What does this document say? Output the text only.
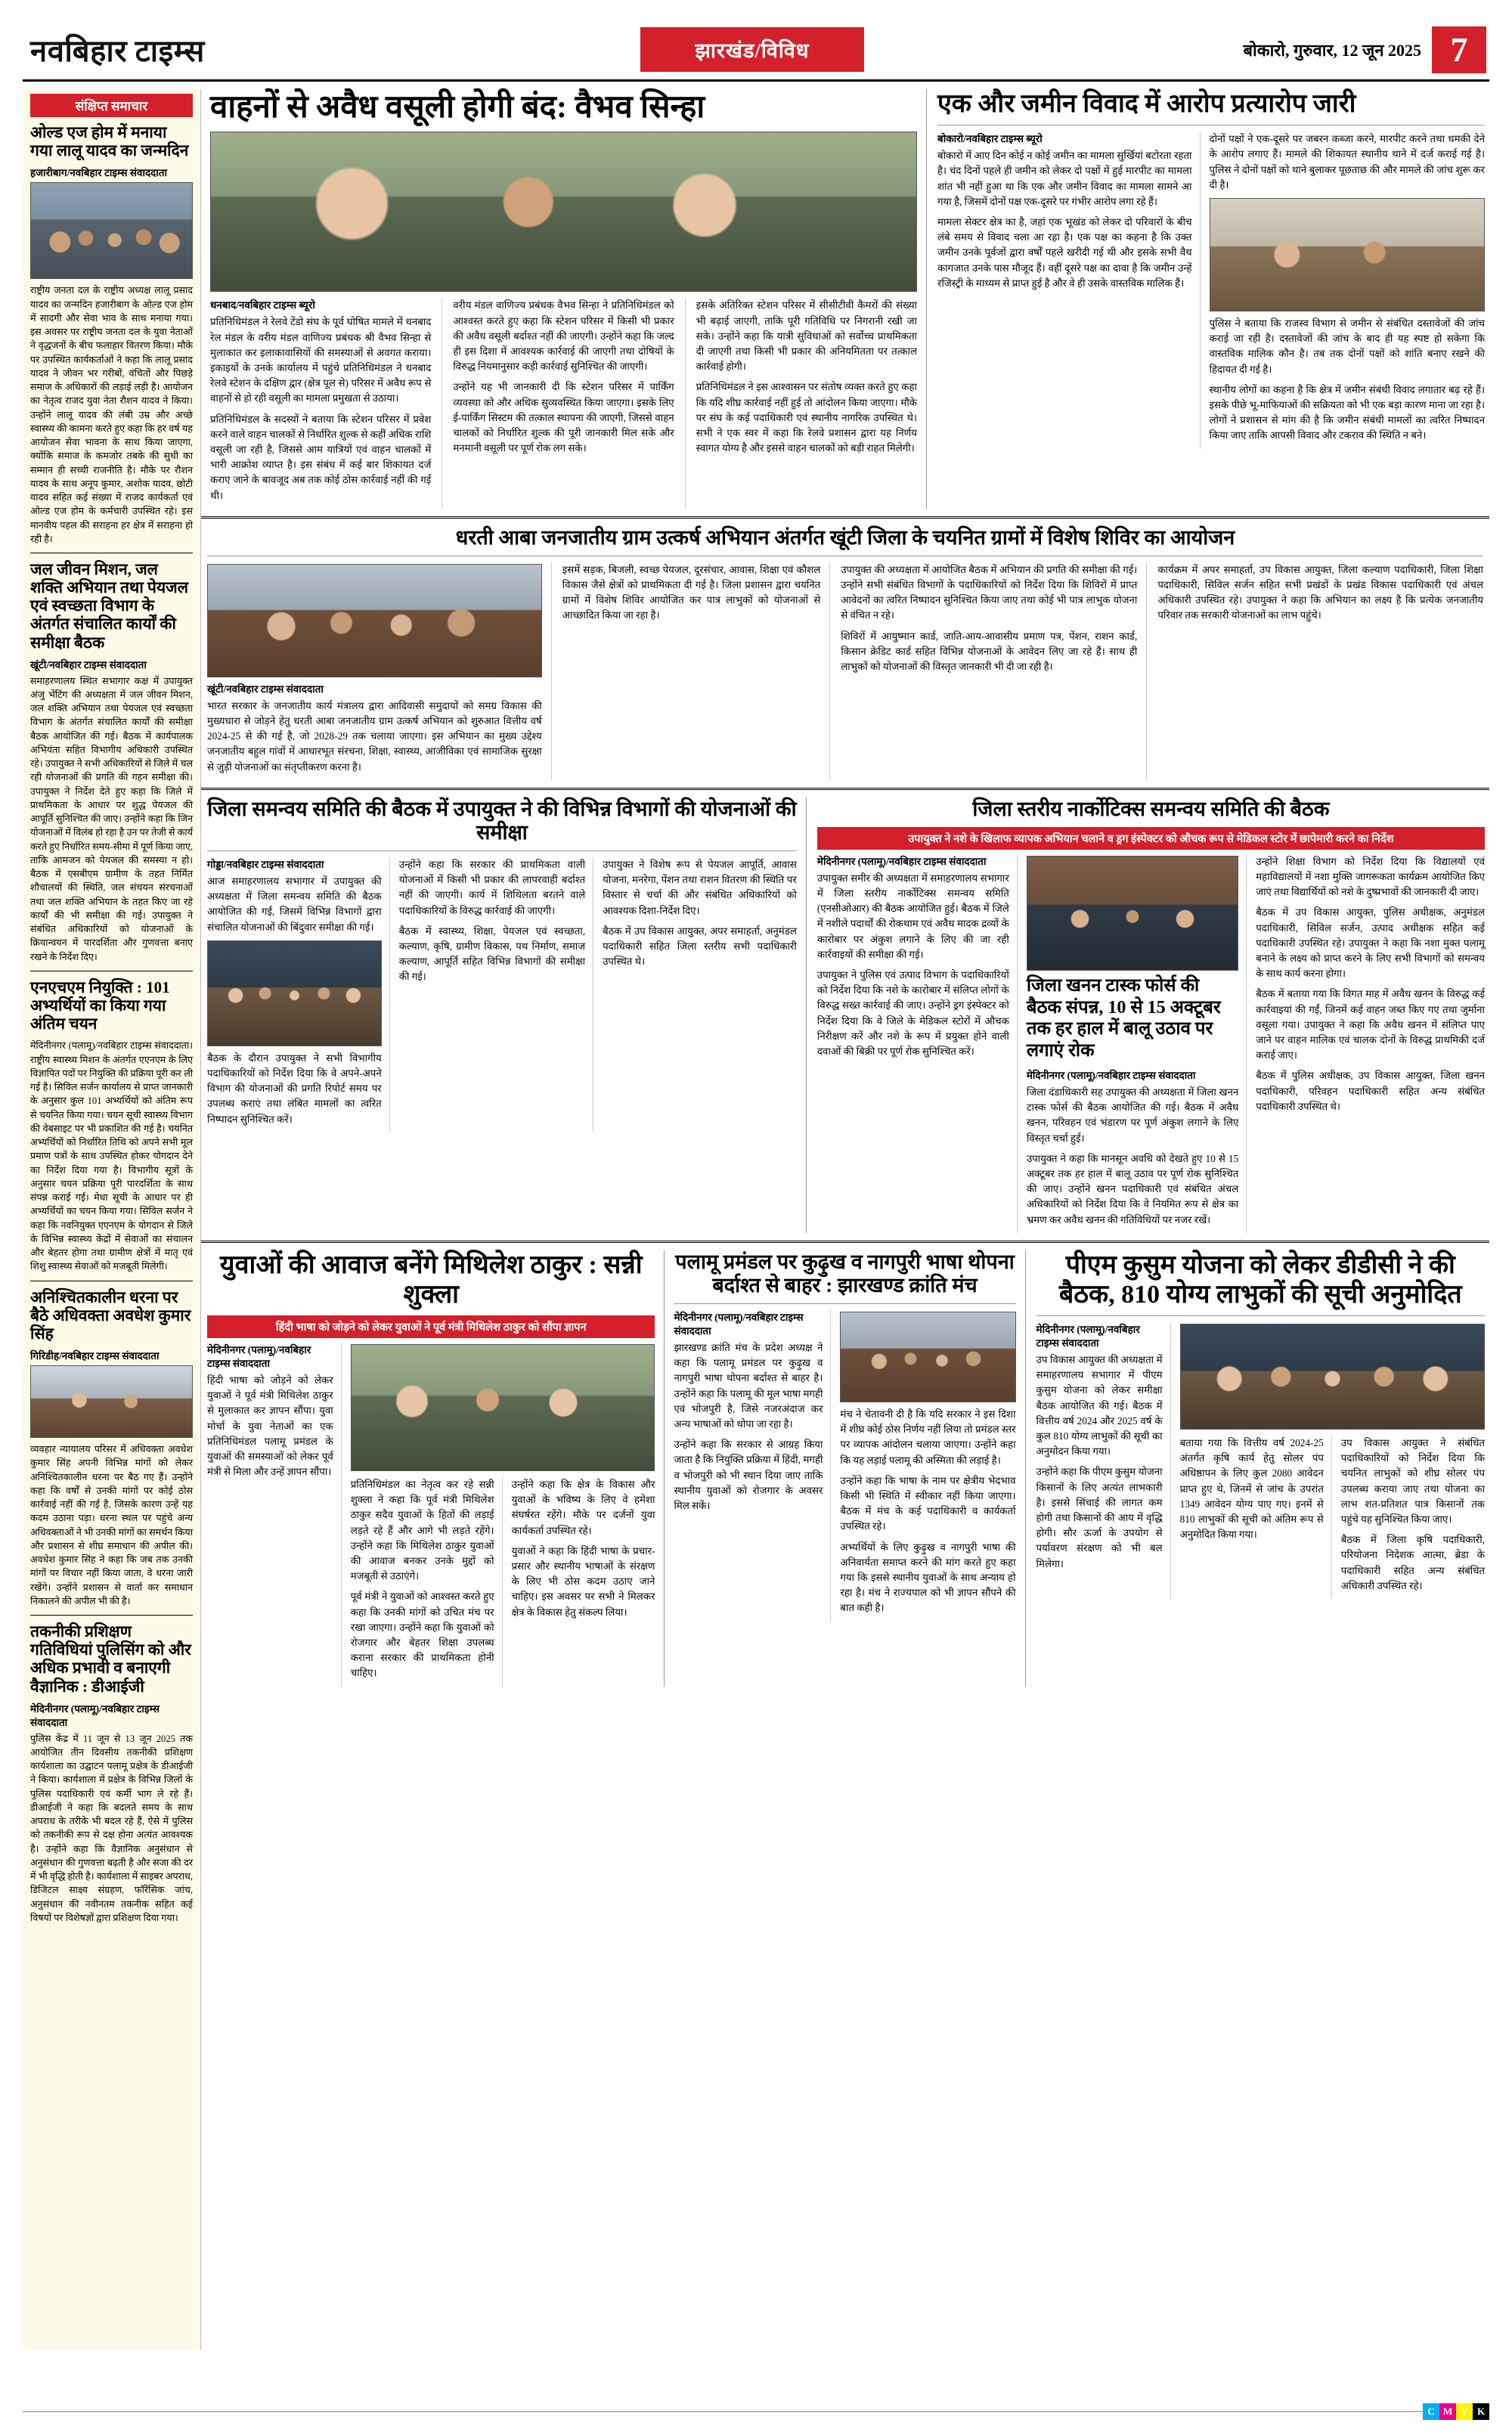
नवबिहार टाइम्स	झारखंड/विविध	बोकारो, गुरुवार, 12 जून 2025 7
संक्षिप्त समाचार
ओल्ड एज होम में मनाया गया लालू यादव का जन्मदिन
हजारीबाग/नवबिहार टाइम्स संवाददाता

राष्ट्रीय जनता दल के राष्ट्रीय अध्यक्ष लालू प्रसाद यादव का जन्मदिन हजारीबाग के ओल्ड एज होम में सादगी और सेवा भाव के साथ मनाया गया। इस अवसर पर राष्ट्रीय जनता दल के युवा नेताओं ने वृद्धजनों के बीच फलाहार वितरण किया। मौके पर उपस्थित कार्यकर्ताओं ने कहा कि लालू प्रसाद यादव ने जीवन भर गरीबों, वंचितों और पिछड़े समाज के अधिकारों की लड़ाई लड़ी है। आयोजन का नेतृत्व राजद युवा नेता रौशन यादव ने किया। उन्होंने लालू यादव की लंबी उम्र और अच्छे स्वास्थ्य की कामना करते हुए कहा कि हर वर्ष यह आयोजन सेवा भावना के साथ किया जाएगा, क्योंकि समाज के कमजोर तबके की सुधी का सम्मान ही सच्ची राजनीति है। मौके पर रौशन यादव के साथ अनूप कुमार, अशोक यादव, छोटी यादव सहित कई संख्या में राजद कार्यकर्ता एवं ओल्ड एज होम के कर्मचारी उपस्थित रहे। इस मानवीय पहल की सराहना हर क्षेत्र में सराहना हो रही है।

जल जीवन मिशन, जल शक्ति अभियान तथा पेयजल एवं स्वच्छता विभाग के अंतर्गत संचालित कार्यों की समीक्षा बैठक
खूंटी/नवबिहार टाइम्स संवाददाता

समाहरणालय स्थित सभागार कक्ष में उपायुक्त अंजु भेंटिंग की अध्यक्षता में जल जीवन मिशन, जल शक्ति अभियान तथा पेयजल एवं स्वच्छता विभाग के अंतर्गत संचालित कार्यों की समीक्षा बैठक आयोजित की गई। बैठक में कार्यपालक अभियंता सहित विभागीय अधिकारी उपस्थित रहे। उपायुक्त ने सभी अधिकारियों से जिले में चल रही योजनाओं की प्रगति की गहन समीक्षा की। उपायुक्त ने निर्देश देते हुए कहा कि जिले में प्राथमिकता के आधार पर शुद्ध पेयजल की आपूर्ति सुनिश्चित की जाए। उन्होंने कहा कि जिन योजनाओं में विलंब हो रहा है उन पर तेजी से कार्य करते हुए निर्धारित समय-सीमा में पूर्ण किया जाए, ताकि आमजन को पेयजल की समस्या न हो। बैठक में एसबीएम ग्रामीण के तहत निर्मित शौचालयों की स्थिति, जल संचयन संरचनाओं तथा जल शक्ति अभियान के तहत किए जा रहे कार्यों की भी समीक्षा की गई। उपायुक्त ने संबंधित अधिकारियों को योजनाओं के क्रियान्वयन में पारदर्शिता और गुणवत्ता बनाए रखने के निर्देश दिए।

एनएचएम नियुक्ति : 101 अभ्यर्थियों का किया गया अंतिम चयन

मेदिनीनगर (पलामू)/नवबिहार टाइम्स संवाददाता। राष्ट्रीय स्वास्थ्य मिशन के अंतर्गत एएनएम के लिए विज्ञापित पदों पर नियुक्ति की प्रक्रिया पूरी कर ली गई है। सिविल सर्जन कार्यालय से प्राप्त जानकारी के अनुसार कुल 101 अभ्यर्थियों को अंतिम रूप से चयनित किया गया। चयन सूची स्वास्थ्य विभाग की वेबसाइट पर भी प्रकाशित की गई है। चयनित अभ्यर्थियों को निर्धारित तिथि को अपने सभी मूल प्रमाण पत्रों के साथ उपस्थित होकर योगदान देने का निर्देश दिया गया है। विभागीय सूत्रों के अनुसार चयन प्रक्रिया पूरी पारदर्शिता के साथ संपन्न कराई गई। मेधा सूची के आधार पर ही अभ्यर्थियों का चयन किया गया। सिविल सर्जन ने कहा कि नवनियुक्त एएनएम के योगदान से जिले के विभिन्न स्वास्थ्य केंद्रों में सेवाओं का संचालन और बेहतर होगा तथा ग्रामीण क्षेत्रों में मातृ एवं शिशु स्वास्थ्य सेवाओं को मजबूती मिलेगी।

अनिश्चितकालीन धरना पर बैठे अधिवक्ता अवधेश कुमार सिंह
गिरिडीह/नवबिहार टाइम्स संवाददाता

व्यवहार न्यायालय परिसर में अधिवक्ता अवधेश कुमार सिंह अपनी विभिन्न मांगों को लेकर अनिश्चितकालीन धरना पर बैठ गए हैं। उन्होंने कहा कि वर्षों से उनकी मांगों पर कोई ठोस कार्रवाई नहीं की गई है, जिसके कारण उन्हें यह कदम उठाना पड़ा। धरना स्थल पर पहुंचे अन्य अधिवक्ताओं ने भी उनकी मांगों का समर्थन किया और प्रशासन से शीघ्र समाधान की अपील की। अवधेश कुमार सिंह ने कहा कि जब तक उनकी मांगों पर विचार नहीं किया जाता, वे धरना जारी रखेंगे। उन्होंने प्रशासन से वार्ता कर समाधान निकालने की अपील भी की है।

तकनीकी प्रशिक्षण गतिविधियां पुलिसिंग को और अधिक प्रभावी व बनाएगी वैज्ञानिक : डीआईजी
मेदिनीनगर (पलामू)/नवबिहार टाइम्स संवाददाता

पुलिस केंद्र में 11 जून से 13 जून 2025 तक आयोजित तीन दिवसीय तकनीकी प्रशिक्षण कार्यशाला का उद्घाटन पलामू प्रक्षेत्र के डीआईजी ने किया। कार्यशाला में प्रक्षेत्र के विभिन्न जिलों के पुलिस पदाधिकारी एवं कर्मी भाग ले रहे हैं। डीआईजी ने कहा कि बदलते समय के साथ अपराध के तरीके भी बदल रहे हैं, ऐसे में पुलिस को तकनीकी रूप से दक्ष होना अत्यंत आवश्यक है। उन्होंने कहा कि वैज्ञानिक अनुसंधान से अनुसंधान की गुणवत्ता बढ़ती है और सजा की दर में भी वृद्धि होती है। कार्यशाला में साइबर अपराध, डिजिटल साक्ष्य संग्रहण, फॉरेंसिक जांच, अनुसंधान की नवीनतम तकनीक सहित कई विषयों पर विशेषज्ञों द्वारा प्रशिक्षण दिया गया।

वाहनों से अवैध वसूली होगी बंद: वैभव सिन्हा
धनबाद/नवबिहार टाइम्स ब्यूरो

प्रतिनिधिमंडल ने रेलवे टेंडो संघ के पूर्व घोषित मामले में धनबाद रेल मंडल के वरीय मंडल वाणिज्य प्रबंधक श्री वैभव सिन्हा से मुलाकात कर इलाकावासियों की समस्याओं से अवगत कराया। इकाइयों के उनके कार्यालय में पहुंचे प्रतिनिधिमंडल ने धनबाद रेलवे स्टेशन के दक्षिण द्वार (क्षेत्र पूल से) परिसर में अवैध रूप से वाहनों से हो रही वसूली का मामला प्रमुखता से उठाया।

प्रतिनिधिमंडल के सदस्यों ने बताया कि स्टेशन परिसर में प्रवेश करने वाले वाहन चालकों से निर्धारित शुल्क से कहीं अधिक राशि वसूली जा रही है, जिससे आम यात्रियों एवं वाहन चालकों में भारी आक्रोश व्याप्त है। इस संबंध में कई बार शिकायत दर्ज कराए जाने के बावजूद अब तक कोई ठोस कार्रवाई नहीं की गई थी।

वरीय मंडल वाणिज्य प्रबंधक वैभव सिन्हा ने प्रतिनिधिमंडल को आश्वस्त करते हुए कहा कि स्टेशन परिसर में किसी भी प्रकार की अवैध वसूली बर्दाश्त नहीं की जाएगी। उन्होंने कहा कि जल्द ही इस दिशा में आवश्यक कार्रवाई की जाएगी तथा दोषियों के विरुद्ध नियमानुसार कड़ी कार्रवाई सुनिश्चित की जाएगी।

उन्होंने यह भी जानकारी दी कि स्टेशन परिसर में पार्किंग व्यवस्था को और अधिक सुव्यवस्थित किया जाएगा। इसके लिए ई-पार्किंग सिस्टम की तत्काल स्थापना की जाएगी, जिससे वाहन चालकों को निर्धारित शुल्क की पूरी जानकारी मिल सके और मनमानी वसूली पर पूर्ण रोक लग सके।

इसके अतिरिक्त स्टेशन परिसर में सीसीटीवी कैमरों की संख्या भी बढ़ाई जाएगी, ताकि पूरी गतिविधि पर निगरानी रखी जा सके। उन्होंने कहा कि यात्री सुविधाओं को सर्वोच्च प्राथमिकता दी जाएगी तथा किसी भी प्रकार की अनियमितता पर तत्काल कार्रवाई होगी।

प्रतिनिधिमंडल ने इस आश्वासन पर संतोष व्यक्त करते हुए कहा कि यदि शीघ्र कार्रवाई नहीं हुई तो आंदोलन किया जाएगा। मौके पर संघ के कई पदाधिकारी एवं स्थानीय नागरिक उपस्थित थे। सभी ने एक स्वर में कहा कि रेलवे प्रशासन द्वारा यह निर्णय स्वागत योग्य है और इससे वाहन चालकों को बड़ी राहत मिलेगी।

एक और जमीन विवाद में आरोप प्रत्यारोप जारी
बोकारो/नवबिहार टाइम्स ब्यूरो

बोकारो में आए दिन कोई न कोई जमीन का मामला सुर्खियां बटोरता रहता है। चंद दिनों पहले ही जमीन को लेकर दो पक्षों में हुई मारपीट का मामला शांत भी नहीं हुआ था कि एक और जमीन विवाद का मामला सामने आ गया है, जिसमें दोनों पक्ष एक-दूसरे पर गंभीर आरोप लगा रहे हैं।

मामला सेक्टर क्षेत्र का है, जहां एक भूखंड को लेकर दो परिवारों के बीच लंबे समय से विवाद चला आ रहा है। एक पक्ष का कहना है कि उक्त जमीन उनके पूर्वजों द्वारा वर्षों पहले खरीदी गई थी और इसके सभी वैध कागजात उनके पास मौजूद हैं। वहीं दूसरे पक्ष का दावा है कि जमीन उन्हें रजिस्ट्री के माध्यम से प्राप्त हुई है और वे ही उसके वास्तविक मालिक हैं।

दोनों पक्षों ने एक-दूसरे पर जबरन कब्जा करने, मारपीट करने तथा धमकी देने के आरोप लगाए हैं। मामले की शिकायत स्थानीय थाने में दर्ज कराई गई है। पुलिस ने दोनों पक्षों को थाने बुलाकर पूछताछ की और मामले की जांच शुरू कर दी है।

पुलिस ने बताया कि राजस्व विभाग से जमीन से संबंधित दस्तावेजों की जांच कराई जा रही है। दस्तावेजों की जांच के बाद ही यह स्पष्ट हो सकेगा कि वास्तविक मालिक कौन है। तब तक दोनों पक्षों को शांति बनाए रखने की हिदायत दी गई है।

स्थानीय लोगों का कहना है कि क्षेत्र में जमीन संबंधी विवाद लगातार बढ़ रहे हैं। इसके पीछे भू-माफियाओं की सक्रियता को भी एक बड़ा कारण माना जा रहा है। लोगों ने प्रशासन से मांग की है कि जमीन संबंधी मामलों का त्वरित निष्पादन किया जाए ताकि आपसी विवाद और टकराव की स्थिति न बने।

धरती आबा जनजातीय ग्राम उत्कर्ष अभियान अंतर्गत खूंटी जिला के चयनित ग्रामों में विशेष शिविर का आयोजन
खूंटी/नवबिहार टाइम्स संवाददाता

भारत सरकार के जनजातीय कार्य मंत्रालय द्वारा आदिवासी समुदायों को समग्र विकास की मुख्यधारा से जोड़ने हेतु धरती आबा जनजातीय ग्राम उत्कर्ष अभियान को शुरुआत वित्तीय वर्ष 2024-25 से की गई है, जो 2028-29 तक चलाया जाएगा। इस अभियान का मुख्य उद्देश्य जनजातीय बहुल गांवों में आधारभूत संरचना, शिक्षा, स्वास्थ्य, आजीविका एवं सामाजिक सुरक्षा से जुड़ी योजनाओं का संतृप्तीकरण करना है।

इसमें सड़क, बिजली, स्वच्छ पेयजल, दूरसंचार, आवास, शिक्षा एवं कौशल विकास जैसे क्षेत्रों को प्राथमिकता दी गई है। जिला प्रशासन द्वारा चयनित ग्रामों में विशेष शिविर आयोजित कर पात्र लाभुकों को योजनाओं से आच्छादित किया जा रहा है।

उपायुक्त की अध्यक्षता में आयोजित बैठक में अभियान की प्रगति की समीक्षा की गई। उन्होंने सभी संबंधित विभागों के पदाधिकारियों को निर्देश दिया कि शिविरों में प्राप्त आवेदनों का त्वरित निष्पादन सुनिश्चित किया जाए तथा कोई भी पात्र लाभुक योजना से वंचित न रहे।

शिविरों में आयुष्मान कार्ड, जाति-आय-आवासीय प्रमाण पत्र, पेंशन, राशन कार्ड, किसान क्रेडिट कार्ड सहित विभिन्न योजनाओं के आवेदन लिए जा रहे हैं। साथ ही लाभुकों को योजनाओं की विस्तृत जानकारी भी दी जा रही है।

कार्यक्रम में अपर समाहर्ता, उप विकास आयुक्त, जिला कल्याण पदाधिकारी, जिला शिक्षा पदाधिकारी, सिविल सर्जन सहित सभी प्रखंडों के प्रखंड विकास पदाधिकारी एवं अंचल अधिकारी उपस्थित रहे। उपायुक्त ने कहा कि अभियान का लक्ष्य है कि प्रत्येक जनजातीय परिवार तक सरकारी योजनाओं का लाभ पहुंचे।

जिला समन्वय समिति की बैठक में उपायुक्त ने की विभिन्न विभागों की योजनाओं की समीक्षा
गोड्डा/नवबिहार टाइम्स संवाददाता

आज समाहरणालय सभागार में उपायुक्त की अध्यक्षता में जिला समन्वय समिति की बैठक आयोजित की गई, जिसमें विभिन्न विभागों द्वारा संचालित योजनाओं की बिंदुवार समीक्षा की गई।

बैठक के दौरान उपायुक्त ने सभी विभागीय पदाधिकारियों को निर्देश दिया कि वे अपने-अपने विभाग की योजनाओं की प्रगति रिपोर्ट समय पर उपलब्ध कराएं तथा लंबित मामलों का त्वरित निष्पादन सुनिश्चित करें।

उन्होंने कहा कि सरकार की प्राथमिकता वाली योजनाओं में किसी भी प्रकार की लापरवाही बर्दाश्त नहीं की जाएगी। कार्य में शिथिलता बरतने वाले पदाधिकारियों के विरुद्ध कार्रवाई की जाएगी।

बैठक में स्वास्थ्य, शिक्षा, पेयजल एवं स्वच्छता, कल्याण, कृषि, ग्रामीण विकास, पथ निर्माण, समाज कल्याण, आपूर्ति सहित विभिन्न विभागों की समीक्षा की गई।

उपायुक्त ने विशेष रूप से पेयजल आपूर्ति, आवास योजना, मनरेगा, पेंशन तथा राशन वितरण की स्थिति पर विस्तार से चर्चा की और संबंधित अधिकारियों को आवश्यक दिशा-निर्देश दिए।

बैठक में उप विकास आयुक्त, अपर समाहर्ता, अनुमंडल पदाधिकारी सहित जिला स्तरीय सभी पदाधिकारी उपस्थित थे।

जिला स्तरीय नार्कोटिक्स समन्वय समिति की बैठक
उपायुक्त ने नशे के खिलाफ व्यापक अभियान चलाने व ड्रग इंस्पेक्टर को औचक रूप से मेडिकल स्टोर में छापेमारी करने का निर्देश
मेदिनीनगर (पलामू)/नवबिहार टाइम्स संवाददाता

उपायुक्त समीर की अध्यक्षता में समाहरणालय सभागार में जिला स्तरीय नार्कोटिक्स समन्वय समिति (एनसीओआर) की बैठक आयोजित हुई। बैठक में जिले में नशीले पदार्थों की रोकथाम एवं अवैध मादक द्रव्यों के कारोबार पर अंकुश लगाने के लिए की जा रही कार्रवाइयों की समीक्षा की गई।

उपायुक्त ने पुलिस एवं उत्पाद विभाग के पदाधिकारियों को निर्देश दिया कि नशे के कारोबार में संलिप्त लोगों के विरुद्ध सख्त कार्रवाई की जाए। उन्होंने ड्रग इंस्पेक्टर को निर्देश दिया कि वे जिले के मेडिकल स्टोरों में औचक निरीक्षण करें और नशे के रूप में प्रयुक्त होने वाली दवाओं की बिक्री पर पूर्ण रोक सुनिश्चित करें।

जिला खनन टास्क फोर्स की बैठक संपन्न, 10 से 15 अक्टूबर तक हर हाल में बालू उठाव पर लगाएं रोक
मेदिनीनगर (पलामू)/नवबिहार टाइम्स संवाददाता

जिला दंडाधिकारी सह उपायुक्त की अध्यक्षता में जिला खनन टास्क फोर्स की बैठक आयोजित की गई। बैठक में अवैध खनन, परिवहन एवं भंडारण पर पूर्ण अंकुश लगाने के लिए विस्तृत चर्चा हुई।

उपायुक्त ने कहा कि मानसून अवधि को देखते हुए 10 से 15 अक्टूबर तक हर हाल में बालू उठाव पर पूर्ण रोक सुनिश्चित की जाए। उन्होंने खनन पदाधिकारी एवं संबंधित अंचल अधिकारियों को निर्देश दिया कि वे नियमित रूप से क्षेत्र का भ्रमण कर अवैध खनन की गतिविधियों पर नजर रखें।

उन्होंने शिक्षा विभाग को निर्देश दिया कि विद्यालयों एवं महाविद्यालयों में नशा मुक्ति जागरूकता कार्यक्रम आयोजित किए जाएं तथा विद्यार्थियों को नशे के दुष्प्रभावों की जानकारी दी जाए।

बैठक में उप विकास आयुक्त, पुलिस अधीक्षक, अनुमंडल पदाधिकारी, सिविल सर्जन, उत्पाद अधीक्षक सहित कई पदाधिकारी उपस्थित रहे। उपायुक्त ने कहा कि नशा मुक्त पलामू बनाने के लक्ष्य को प्राप्त करने के लिए सभी विभागों को समन्वय के साथ कार्य करना होगा।

बैठक में बताया गया कि विगत माह में अवैध खनन के विरुद्ध कई कार्रवाइयां की गईं, जिनमें कई वाहन जब्त किए गए तथा जुर्माना वसूला गया। उपायुक्त ने कहा कि अवैध खनन में संलिप्त पाए जाने पर वाहन मालिक एवं चालक दोनों के विरुद्ध प्राथमिकी दर्ज कराई जाए।

बैठक में पुलिस अधीक्षक, उप विकास आयुक्त, जिला खनन पदाधिकारी, परिवहन पदाधिकारी सहित अन्य संबंधित पदाधिकारी उपस्थित थे।

युवाओं की आवाज बनेंगे मिथिलेश ठाकुर : सन्नी शुक्ला
हिंदी भाषा को जोड़ने को लेकर युवाओं ने पूर्व मंत्री मिथिलेश ठाकुर को सौंपा ज्ञापन
मेदिनीनगर (पलामू)/नवबिहार टाइम्स संवाददाता

हिंदी भाषा को जोड़ने को लेकर युवाओं ने पूर्व मंत्री मिथिलेश ठाकुर से मुलाकात कर ज्ञापन सौंपा। युवा मोर्चा के युवा नेताओं का एक प्रतिनिधिमंडल पलामू प्रमंडल के युवाओं की समस्याओं को लेकर पूर्व मंत्री से मिला और उन्हें ज्ञापन सौंपा।

प्रतिनिधिमंडल का नेतृत्व कर रहे सन्नी शुक्ला ने कहा कि पूर्व मंत्री मिथिलेश ठाकुर सदैव युवाओं के हितों की लड़ाई लड़ते रहे हैं और आगे भी लड़ते रहेंगे। उन्होंने कहा कि मिथिलेश ठाकुर युवाओं की आवाज बनकर उनके मुद्दों को मजबूती से उठाएंगे।

पूर्व मंत्री ने युवाओं को आश्वस्त करते हुए कहा कि उनकी मांगों को उचित मंच पर रखा जाएगा। उन्होंने कहा कि युवाओं को रोजगार और बेहतर शिक्षा उपलब्ध कराना सरकार की प्राथमिकता होनी चाहिए।

उन्होंने कहा कि क्षेत्र के विकास और युवाओं के भविष्य के लिए वे हमेशा संघर्षरत रहेंगे। मौके पर दर्जनों युवा कार्यकर्ता उपस्थित रहे।

युवाओं ने कहा कि हिंदी भाषा के प्रचार-प्रसार और स्थानीय भाषाओं के संरक्षण के लिए भी ठोस कदम उठाए जाने चाहिए। इस अवसर पर सभी ने मिलकर क्षेत्र के विकास हेतु संकल्प लिया।

पलामू प्रमंडल पर कुढ़ुख व नागपुरी भाषा थोपना बर्दाश्त से बाहर : झारखण्ड क्रांति मंच
मेदिनीनगर (पलामू)/नवबिहार टाइम्स संवाददाता

झारखण्ड क्रांति मंच के प्रदेश अध्यक्ष ने कहा कि पलामू प्रमंडल पर कुढ़ुख व नागपुरी भाषा थोपना बर्दाश्त से बाहर है। उन्होंने कहा कि पलामू की मूल भाषा मगही एवं भोजपुरी है, जिसे नजरअंदाज कर अन्य भाषाओं को थोपा जा रहा है।

उन्होंने कहा कि सरकार से आग्रह किया जाता है कि नियुक्ति प्रक्रिया में हिंदी, मगही व भोजपुरी को भी स्थान दिया जाए ताकि स्थानीय युवाओं को रोजगार के अवसर मिल सकें।

मंच ने चेतावनी दी है कि यदि सरकार ने इस दिशा में शीघ्र कोई ठोस निर्णय नहीं लिया तो प्रमंडल स्तर पर व्यापक आंदोलन चलाया जाएगा। उन्होंने कहा कि यह लड़ाई पलामू की अस्मिता की लड़ाई है।

उन्होंने कहा कि भाषा के नाम पर क्षेत्रीय भेदभाव किसी भी स्थिति में स्वीकार नहीं किया जाएगा। बैठक में मंच के कई पदाधिकारी व कार्यकर्ता उपस्थित रहे।

अभ्यर्थियों के लिए कुढ़ुख व नागपुरी भाषा की अनिवार्यता समाप्त करने की मांग करते हुए कहा गया कि इससे स्थानीय युवाओं के साथ अन्याय हो रहा है। मंच ने राज्यपाल को भी ज्ञापन सौंपने की बात कही है।

पीएम कुसुम योजना को लेकर डीडीसी ने की बैठक, 810 योग्य लाभुकों की सूची अनुमोदित
मेदिनीनगर (पलामू)/नवबिहार टाइम्स संवाददाता

उप विकास आयुक्त की अध्यक्षता में समाहरणालय सभागार में पीएम कुसुम योजना को लेकर समीक्षा बैठक आयोजित की गई। बैठक में वित्तीय वर्ष 2024 और 2025 वर्ष के कुल 810 योग्य लाभुकों की सूची का अनुमोदन किया गया।

उन्होंने कहा कि पीएम कुसुम योजना किसानों के लिए अत्यंत लाभकारी है। इससे सिंचाई की लागत कम होगी तथा किसानों की आय में वृद्धि होगी। सौर ऊर्जा के उपयोग से पर्यावरण संरक्षण को भी बल मिलेगा।

बताया गया कि वित्तीय वर्ष 2024-25 अंतर्गत कृषि कार्य हेतु सोलर पंप अधिष्ठापन के लिए कुल 2080 आवेदन प्राप्त हुए थे, जिनमें से जांच के उपरांत 1349 आवेदन योग्य पाए गए। इनमें से 810 लाभुकों की सूची को अंतिम रूप से अनुमोदित किया गया।

उप विकास आयुक्त ने संबंधित पदाधिकारियों को निर्देश दिया कि चयनित लाभुकों को शीघ्र सोलर पंप उपलब्ध कराया जाए तथा योजना का लाभ शत-प्रतिशत पात्र किसानों तक पहुंचे यह सुनिश्चित किया जाए।

बैठक में जिला कृषि पदाधिकारी, परियोजना निदेशक आत्मा, ब्रेडा के पदाधिकारी सहित अन्य संबंधित अधिकारी उपस्थित रहे।

C M Y K
